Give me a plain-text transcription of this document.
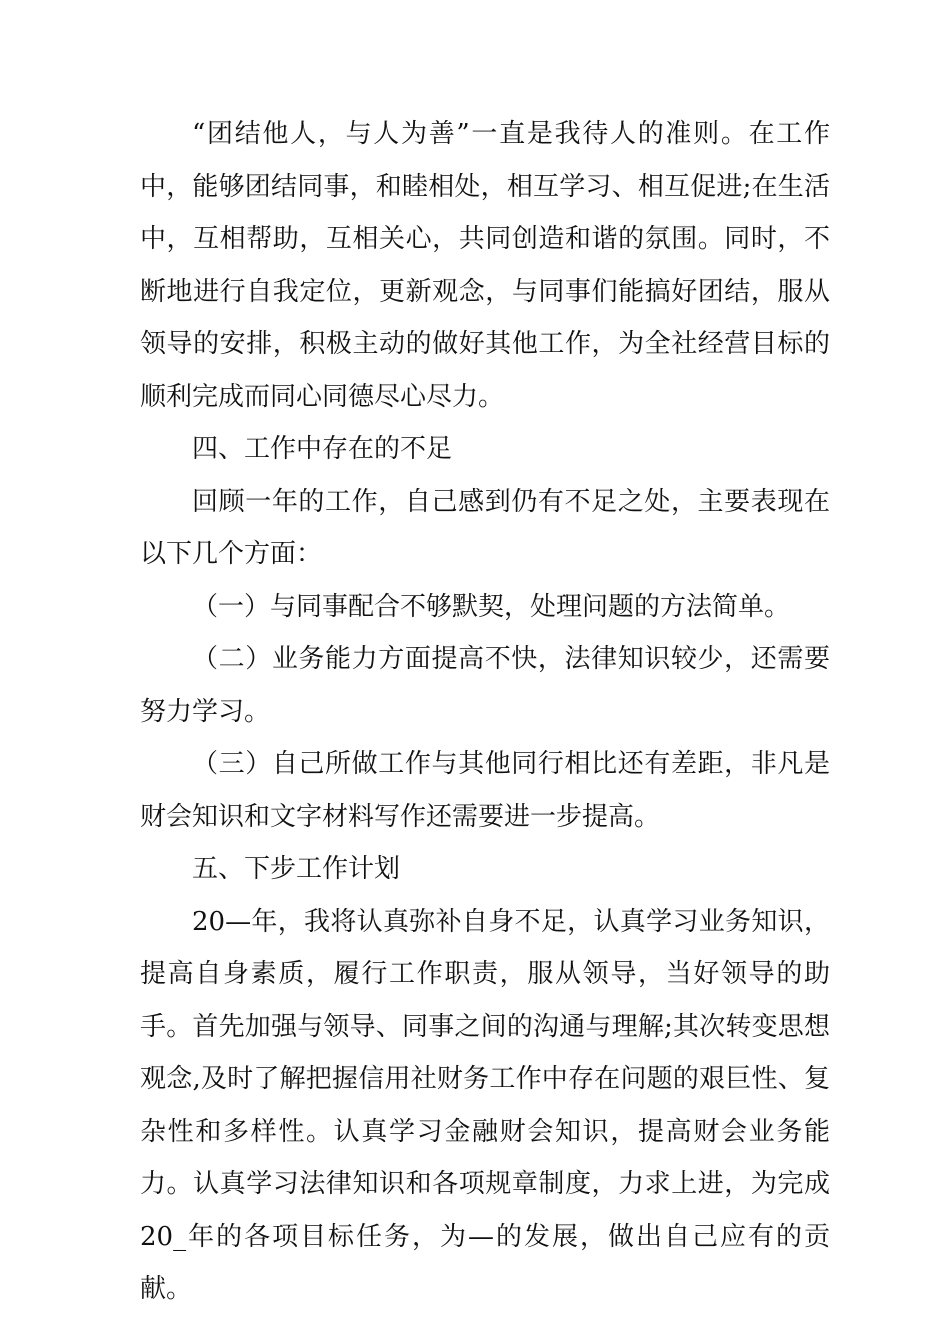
“团结他人，与人为善”一直是我待人的准则。在工作中，能够团结同事，和睦相处，相互学习、相互促进;在生活中，互相帮助，互相关心，共同创造和谐的氛围。同时，不断地进行自我定位，更新观念，与同事们能搞好团结，服从领导的安排，积极主动的做好其他工作，为全社经营目标的顺利完成而同心同德尽心尽力。

四、工作中存在的不足

回顾一年的工作，自己感到仍有不足之处，主要表现在以下几个方面：

（一）与同事配合不够默契，处理问题的方法简单。

（二）业务能力方面提高不快，法律知识较少，还需要努力学习。

（三）自己所做工作与其他同行相比还有差距，非凡是财会知识和文字材料写作还需要进一步提高。

五、下步工作计划

20—年，我将认真弥补自身不足，认真学习业务知识，提高自身素质，履行工作职责，服从领导，当好领导的助手。首先加强与领导、同事之间的沟通与理解;其次转变思想观念,及时了解把握信用社财务工作中存在问题的艰巨性、复杂性和多样性。认真学习金融财会知识，提高财会业务能力。认真学习法律知识和各项规章制度，力求上进，为完成20_年的各项目标任务，为—的发展，做出自己应有的贡献。
